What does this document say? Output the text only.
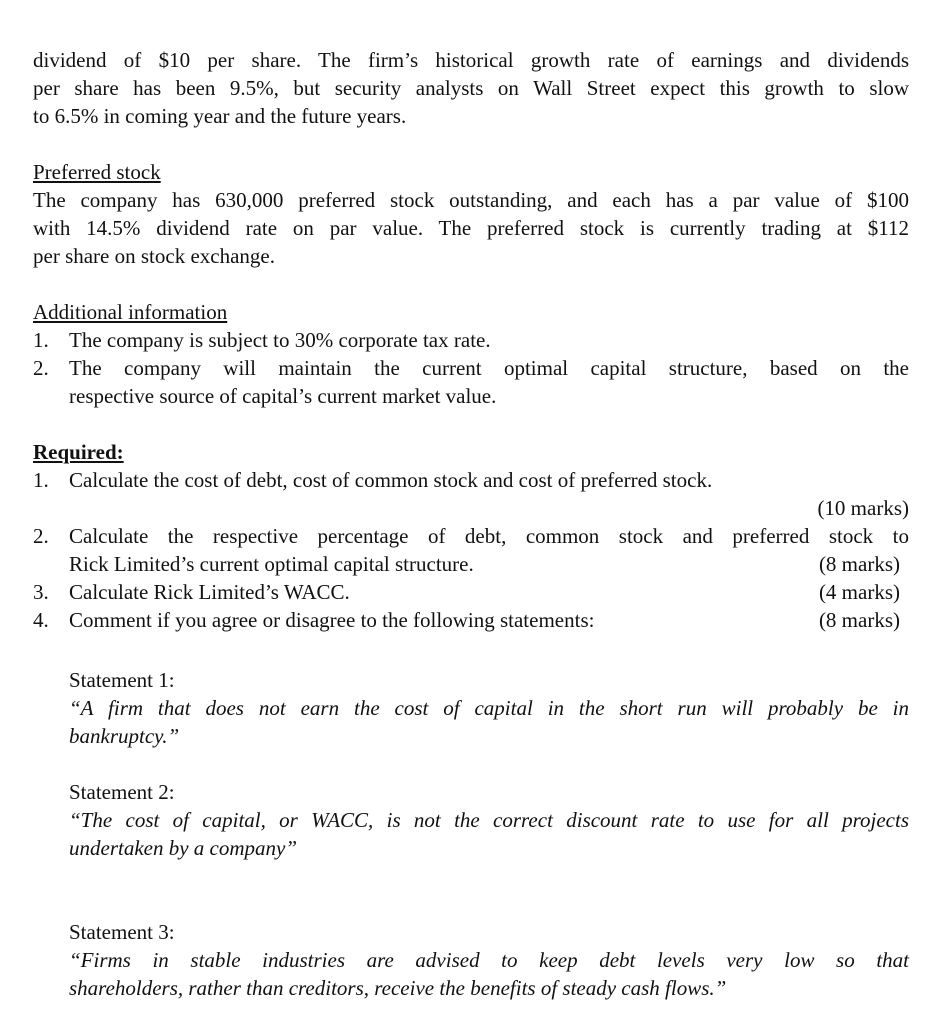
dividend of $10 per share. The firm’s historical growth rate of earnings and dividends
per share has been 9.5%, but security analysts on Wall Street expect this growth to slow
to 6.5% in coming year and the future years.
Preferred stock
The company has 630,000 preferred stock outstanding, and each has a par value of $100
with 14.5% dividend rate on par value. The preferred stock is currently trading at $112
per share on stock exchange.
Additional information
1. The company is subject to 30% corporate tax rate.
2. The company will maintain the current optimal capital structure, based on the
respective source of capital’s current market value.
Required:
1. Calculate the cost of debt, cost of common stock and cost of preferred stock.
(10 marks)
2. Calculate the respective percentage of debt, common stock and preferred stock to
Rick Limited’s current optimal capital structure.	(8 marks)
3. Calculate Rick Limited’s WACC.	(4 marks)
4. Comment if you agree or disagree to the following statements:	(8 marks)
Statement 1:
“A firm that does not earn the cost of capital in the short run will probably be in
bankruptcy.”
Statement 2:
“The cost of capital, or WACC, is not the correct discount rate to use for all projects
undertaken by a company”
Statement 3:
“Firms in stable industries are advised to keep debt levels very low so that
shareholders, rather than creditors, receive the benefits of steady cash flows.”
